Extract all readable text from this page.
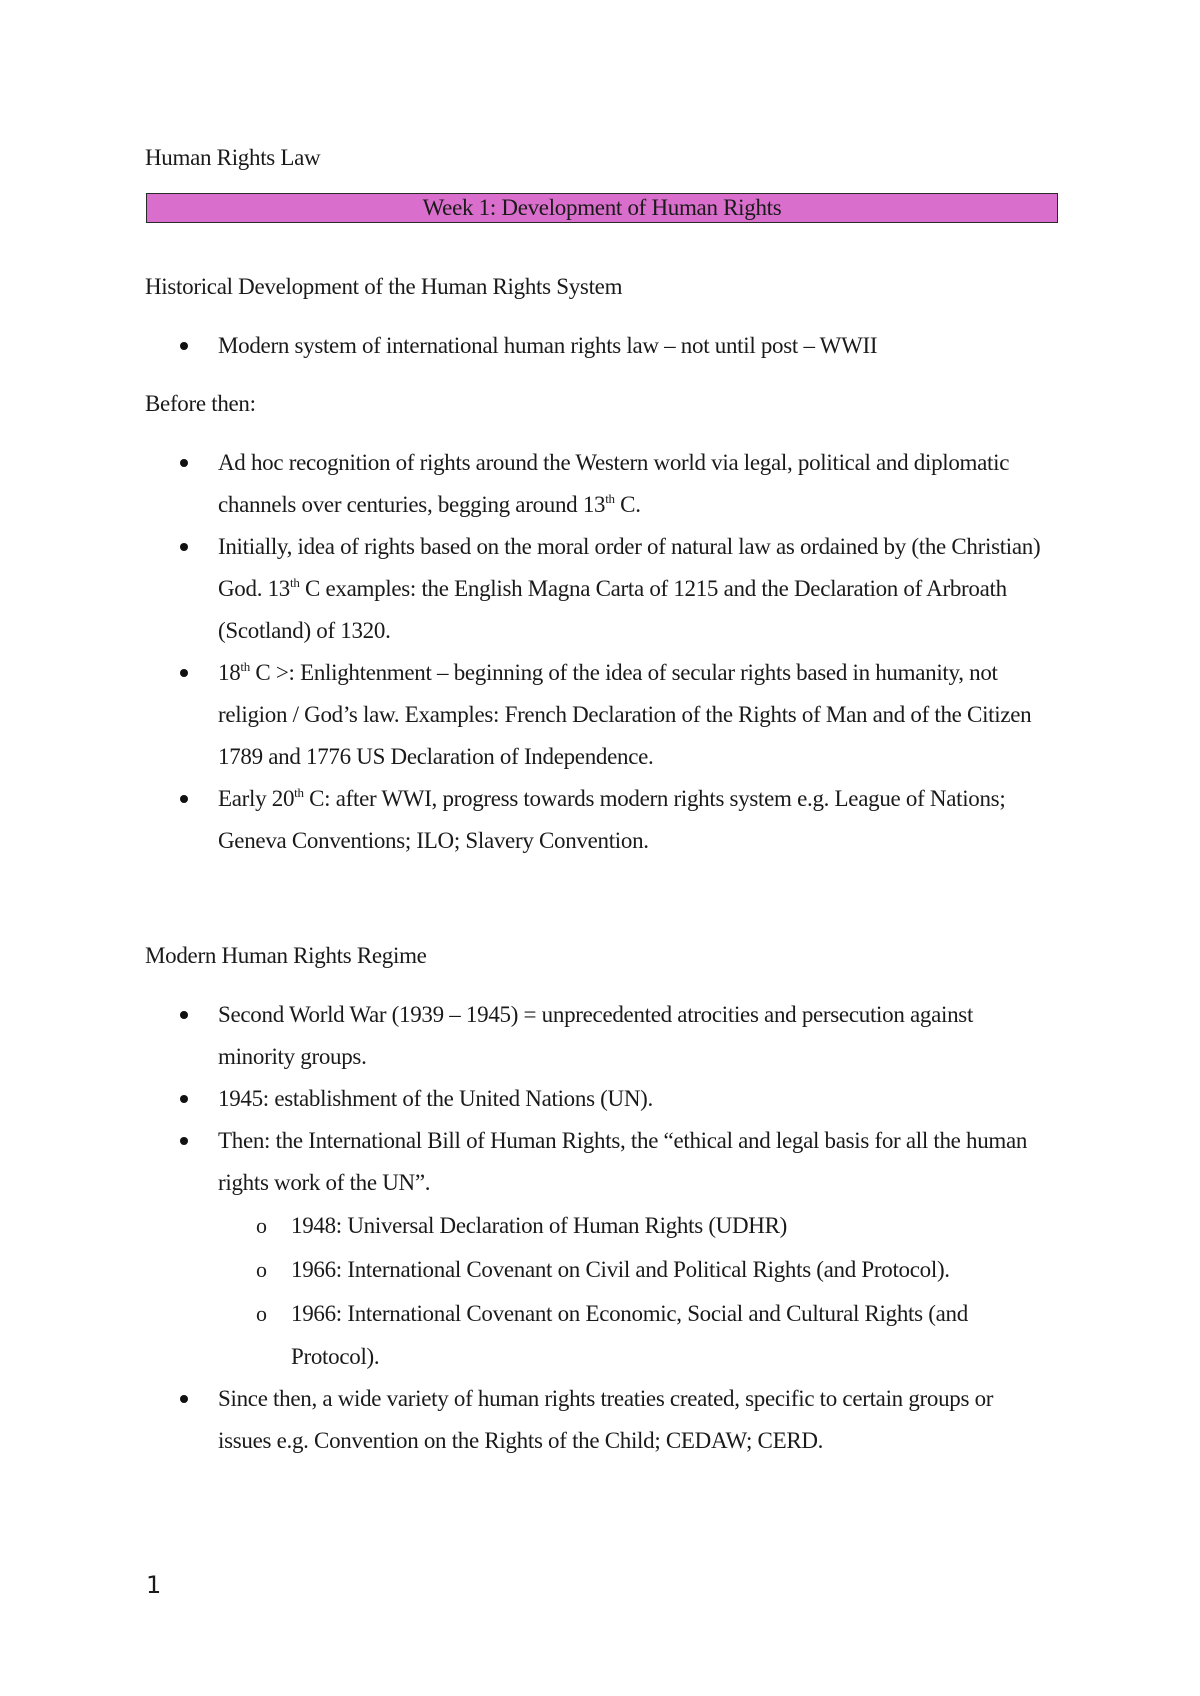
Human Rights Law
Week 1: Development of Human Rights
Historical Development of the Human Rights System
Modern system of international human rights law – not until post – WWII
Before then:
Ad hoc recognition of rights around the Western world via legal, political and diplomatic channels over centuries, begging around 13th C.
Initially, idea of rights based on the moral order of natural law as ordained by (the Christian) God. 13th C examples: the English Magna Carta of 1215 and the Declaration of Arbroath (Scotland) of 1320.
18th C >: Enlightenment – beginning of the idea of secular rights based in humanity, not religion / God’s law. Examples: French Declaration of the Rights of Man and of the Citizen 1789 and 1776 US Declaration of Independence.
Early 20th C: after WWI, progress towards modern rights system e.g. League of Nations; Geneva Conventions; ILO; Slavery Convention.
Modern Human Rights Regime
Second World War (1939 – 1945) = unprecedented atrocities and persecution against minority groups.
1945: establishment of the United Nations (UN).
Then: the International Bill of Human Rights, the “ethical and legal basis for all the human rights work of the UN”.
o 1948: Universal Declaration of Human Rights (UDHR)
o 1966: International Covenant on Civil and Political Rights (and Protocol).
o 1966: International Covenant on Economic, Social and Cultural Rights (and Protocol).
Since then, a wide variety of human rights treaties created, specific to certain groups or issues e.g. Convention on the Rights of the Child; CEDAW; CERD.
1
